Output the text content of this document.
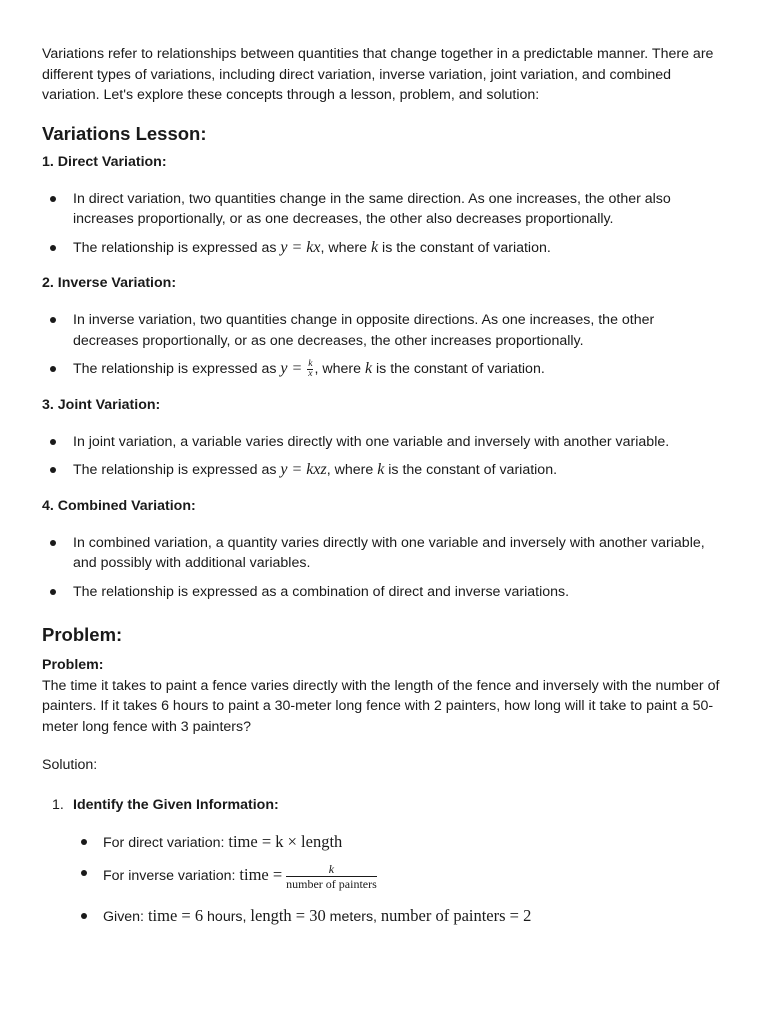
Variations refer to relationships between quantities that change together in a predictable manner. There are different types of variations, including direct variation, inverse variation, joint variation, and combined variation. Let's explore these concepts through a lesson, problem, and solution:

Variations Lesson:
1. Direct Variation:
In direct variation, two quantities change in the same direction. As one increases, the other also increases proportionally, or as one decreases, the other also decreases proportionally.
The relationship is expressed as y = kx, where k is the constant of variation.
2. Inverse Variation:
In inverse variation, two quantities change in opposite directions. As one increases, the other decreases proportionally, or as one decreases, the other increases proportionally.
The relationship is expressed as $y = \frac{k}{x}$ , where k is the constant of variation.
3. Joint Variation:
In joint variation, a variable varies directly with one variable and inversely with another variable.
The relationship is expressed as y = kxz, where k is the constant of variation.
4. Combined Variation:
In combined variation, a quantity varies directly with one variable and inversely with another variable, and possibly with additional variables.
The relationship is expressed as a combination of direct and inverse variations.
Problem:
Problem:

The time it takes to paint a fence varies directly with the length of the fence and inversely with the number of painters. If it takes 6 hours to paint a 30-meter long fence with 2 painters, how long will it take to paint a 50-meter long fence with 3 painters?

Solution:

1. Identify the Given Information:
For direct variation: time = k × length
For inverse variation: time = $\frac{k}{\text{number of painters}}$
Given: time = 6 hours, length = 30 meters, number of painters = 2
